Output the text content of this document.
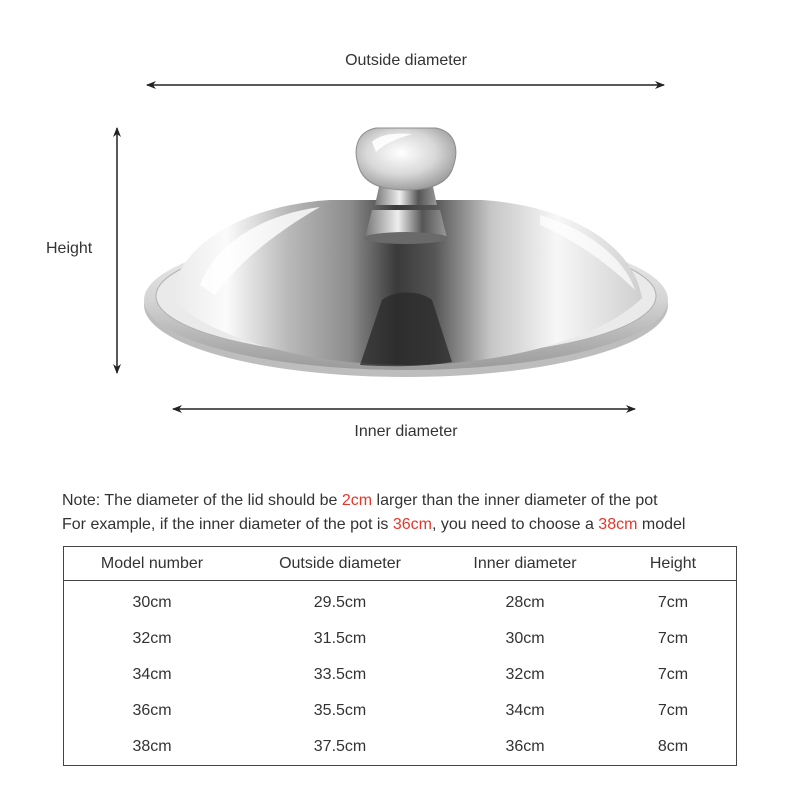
Outside diameter
Height
Inner diameter
Note: The diameter of the lid should be 2cm larger than the inner diameter of the pot
For example, if the inner diameter of the pot is 36cm, you need to choose a 38cm model
Model number	Outside diameter	Inner diameter	Height
30cm	29.5cm	28cm	7cm
32cm	31.5cm	30cm	7cm
34cm	33.5cm	32cm	7cm
36cm	35.5cm	34cm	7cm
38cm	37.5cm	36cm	8cm
